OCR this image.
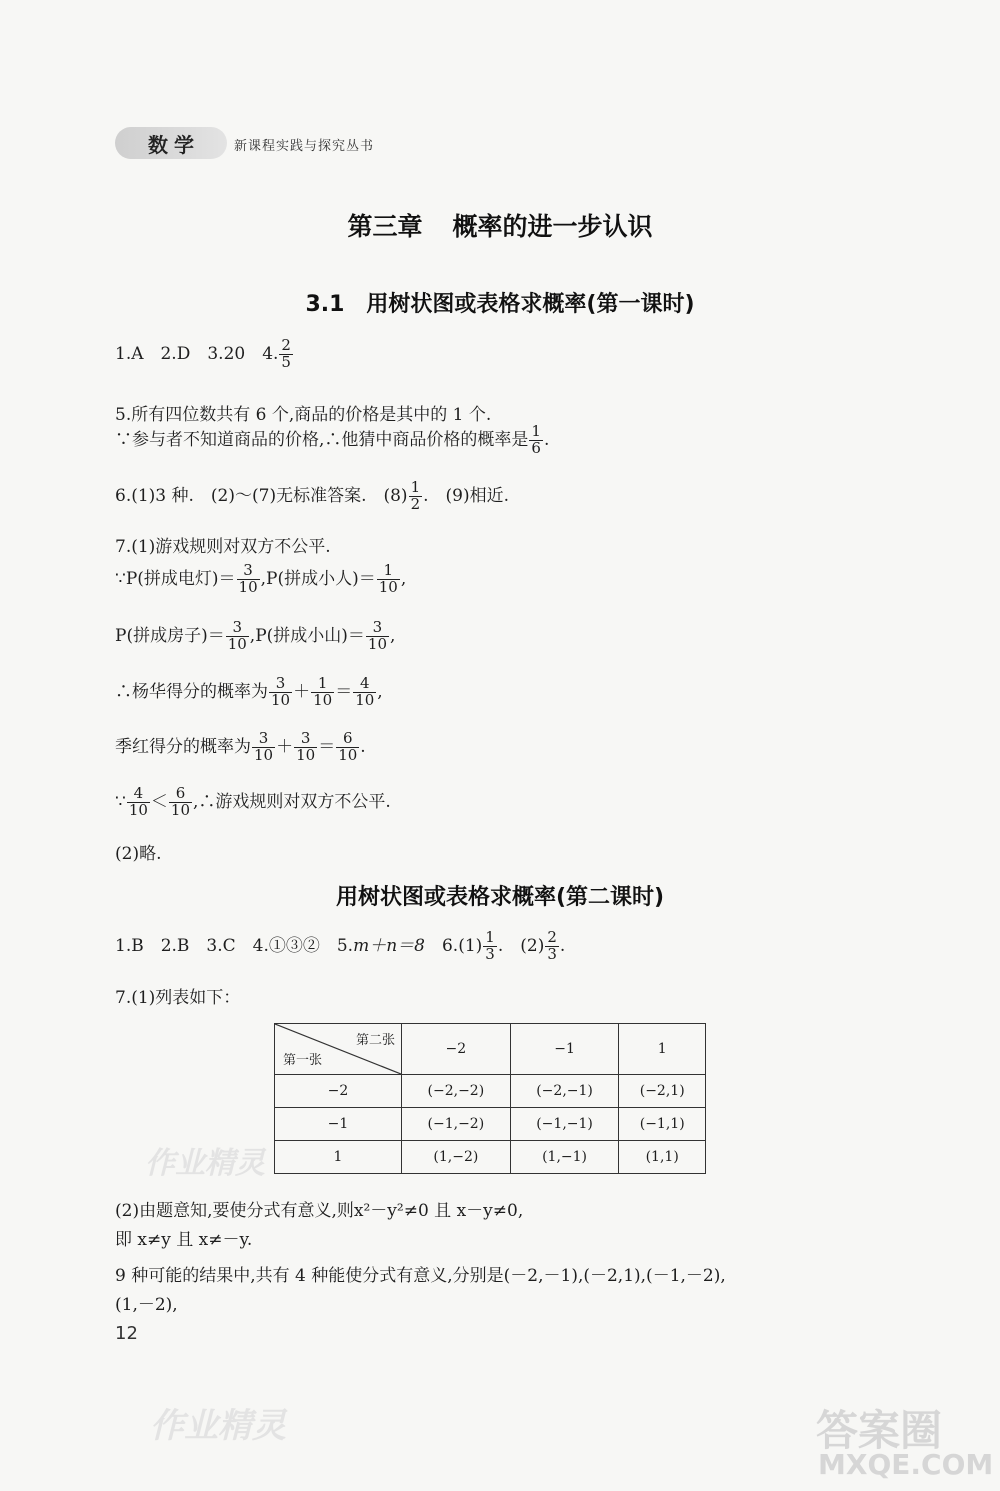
数学	新课程实践与探究丛书
第三章 概率的进一步认识
3.1　用树状图或表格求概率(第一课时)
1.A　2.D　3.20　4. $\frac{2}{5}$
5.所有四位数共有 6 个,商品的价格是其中的 1 个.
∵参与者不知道商品的价格,∴他猜中商品价格的概率是 $\frac{1}{6}$ .
6.(1)3 种.　(2)～(7)无标准答案.　$(8) \frac{1}{2}$ .　(9)相近.
7.(1)游戏规则对双方不公平.
∵P(拼成电灯)＝ $\frac{3}{10} ,P$(拼成小人)＝ $\frac{1}{10}$ ,
P(拼成房子)＝ $\frac{3}{10} ,P$(拼成小山)＝ $\frac{3}{10}$ ,
∴杨华得分的概率为 $\frac{3}{10} + \frac{1}{10} = \frac{4}{10}$ ,
季红得分的概率为 $\frac{3}{10} + \frac{3}{10} = \frac{6}{10}$ .
∵ $\frac{4}{10} < \frac{6}{10}$ ,∴游戏规则对双方不公平.
(2)略.
用树状图或表格求概率(第二课时)
1.B　2.B　3.C　4.①③②　5.m＋n＝8　 $6.(1) \frac{1}{3}$ .　$(2) \frac{2}{3}$ .
7.(1)列表如下：
第二张
第一张	−2	−1	1
−2	(−2,−2)	(−2,−1)	(−2,1)
−1	(−1,−2)	(−1,−1)	(−1,1)
1	(1,−2)	(1,−1)	(1,1)
(2)由题意知,要使分式有意义,则x²－y²≠0 且 x－y≠0,
即 x≠y 且 x≠－y.
9 种可能的结果中,共有 4 种能使分式有意义,分别是(－2,－1),(－2,1),(－1,－2),
(1,－2),
12
作业精灵
作业精灵	答案圈
MXQE.COM
